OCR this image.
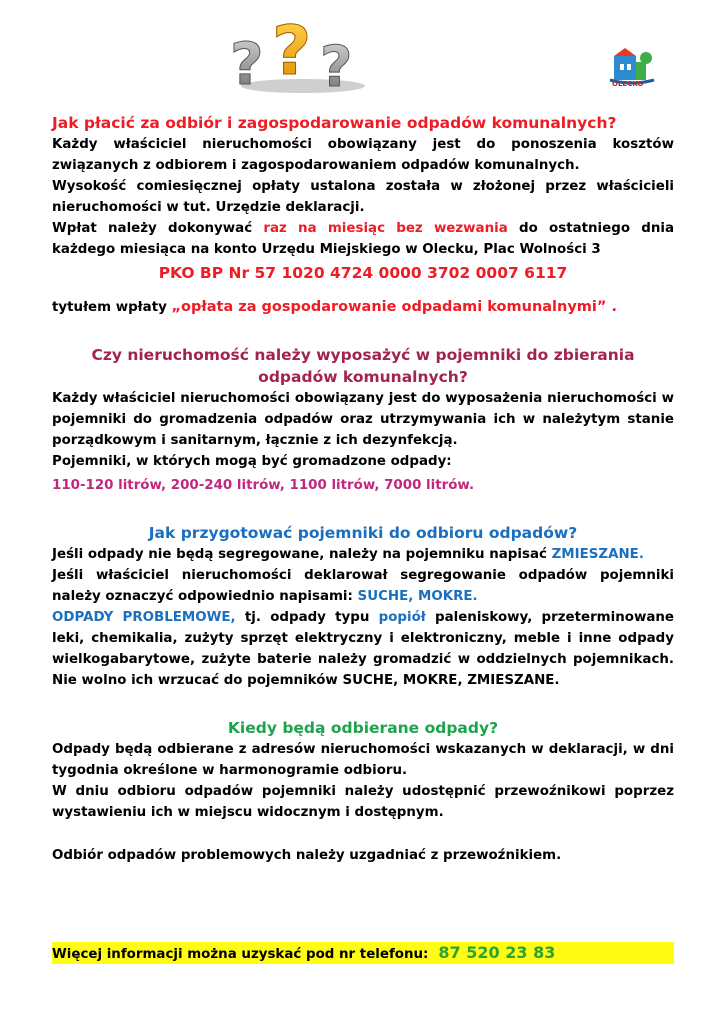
? ? ?	OLECKO

Jak płacić za odbiór i zagospodarowanie odpadów komunalnych?

Każdy właściciel nieruchomości obowiązany jest do ponoszenia kosztów związanych z odbiorem i zagospodarowaniem odpadów komunalnych.

Wysokość comiesięcznej opłaty ustalona została w złożonej przez właścicieli nieruchomości w tut. Urzędzie deklaracji.

Wpłat należy dokonywać raz na miesiąc bez wezwania do ostatniego dnia każdego miesiąca na konto Urzędu Miejskiego w Olecku, Plac Wolności 3

PKO BP Nr 57 1020 4724 0000 3702 0007 6117

tytułem wpłaty „opłata za gospodarowanie odpadami komunalnymi” .

Czy nieruchomość należy wyposażyć w pojemniki do zbierania odpadów komunalnych?

Każdy właściciel nieruchomości obowiązany jest do wyposażenia nieruchomości w pojemniki do gromadzenia odpadów oraz utrzymywania ich w należytym stanie porządkowym i sanitarnym, łącznie z ich dezynfekcją.

Pojemniki, w których mogą być gromadzone odpady:

110-120 litrów, 200-240 litrów, 1100 litrów, 7000 litrów.

Jak przygotować pojemniki do odbioru odpadów?

Jeśli odpady nie będą segregowane, należy na pojemniku napisać ZMIESZANE.

Jeśli właściciel nieruchomości deklarował segregowanie odpadów pojemniki należy oznaczyć odpowiednio napisami: SUCHE, MOKRE.

ODPADY PROBLEMOWE, tj. odpady typu popiół paleniskowy, przeterminowane leki, chemikalia, zużyty sprzęt elektryczny i elektroniczny, meble i inne odpady wielkogabarytowe, zużyte baterie należy gromadzić w oddzielnych pojemnikach. Nie wolno ich wrzucać do pojemników SUCHE, MOKRE, ZMIESZANE.

Kiedy będą odbierane odpady?

Odpady będą odbierane z adresów nieruchomości wskazanych w deklaracji, w dni tygodnia określone w harmonogramie odbioru.

W dniu odbioru odpadów pojemniki należy udostępnić przewoźnikowi poprzez wystawieniu ich w miejscu widocznym i dostępnym.

Odbiór odpadów problemowych należy uzgadniać z przewoźnikiem.

Więcej informacji można uzyskać pod nr telefonu: 87 520 23 83
